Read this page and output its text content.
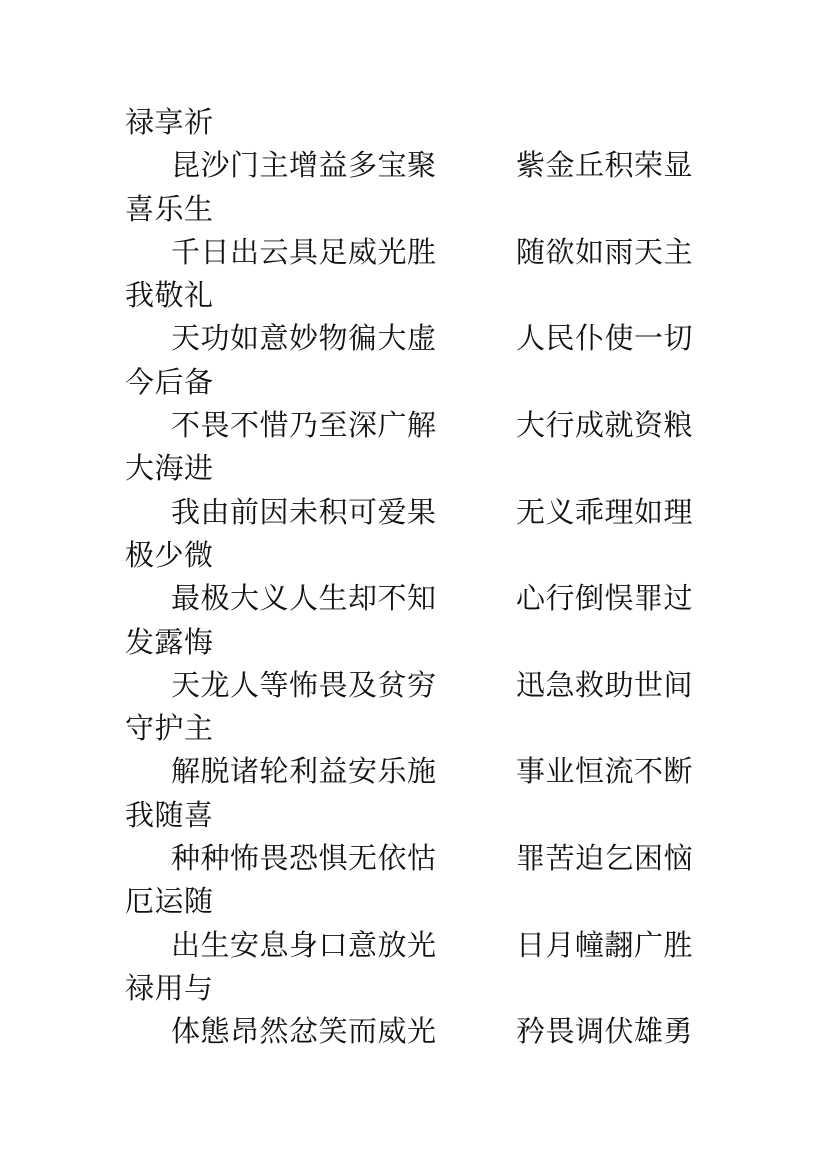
禄享祈
昆沙门主增益多宝聚	紫金丘积荣显
喜乐生
千日出云具足威光胜	随欲如雨天主
我敬礼
天功如意妙物徧大虚	人民仆使一切
今后备
不畏不惜乃至深广解	大行成就资粮
大海进
我由前因未积可爱果	无义乖理如理
极少微
最极大义人生却不知	心行倒悮罪过
发露悔
天龙人等怖畏及贫穷	迅急救助世间
守护主
解脱诸轮利益安乐施	事业恒流不断
我随喜
种种怖畏恐惧无依怙	罪苦迫乞困恼
厄运随
出生安息身口意放光	日月幢翿广胜
禄用与
体態昂然忿笑而威光	矜畏调伏雄勇
